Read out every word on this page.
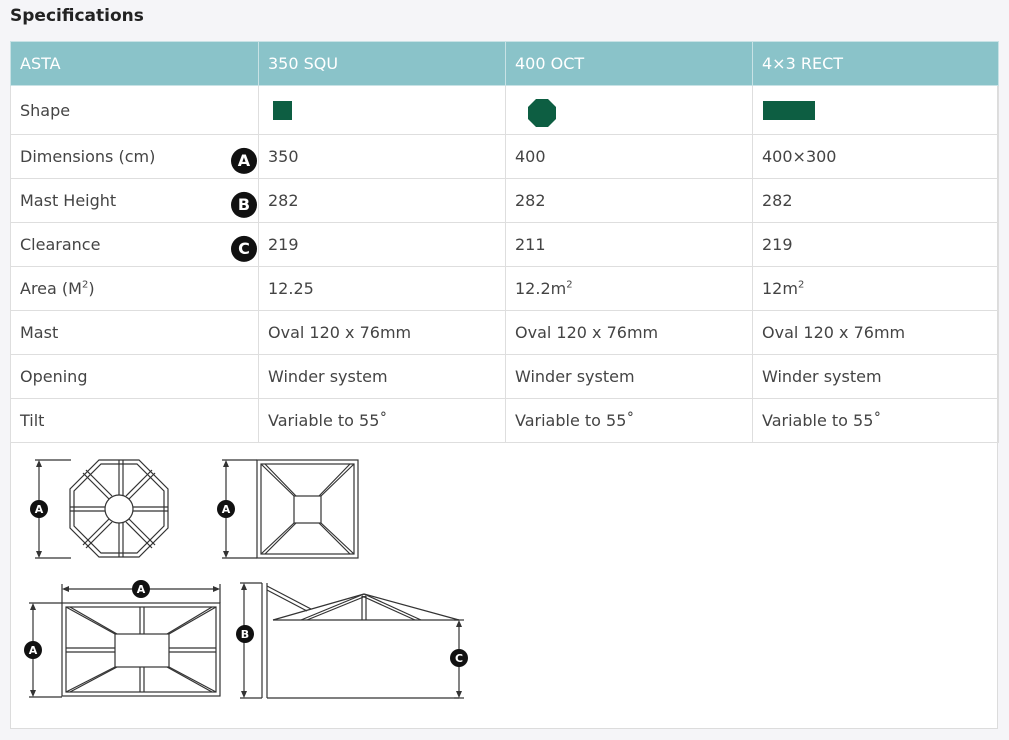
Specifications
ASTA	350 SQU	400 OCT	4×3 RECT
Shape		

Dimensions (cm) A	350	400	400×300
Mast Height B	282	282	282
Clearance C	219	211	219
Area $(M^2)$	12.25	$12.2m^2$	$12m^2$
Mast	Oval 120 x 76mm	Oval 120 x 76mm	Oval 120 x 76mm
Opening	Winder system	Winder system	Winder system
Tilt	Variable to 55˚	Variable to 55˚	Variable to 55˚
A	A
A
A
B
C
